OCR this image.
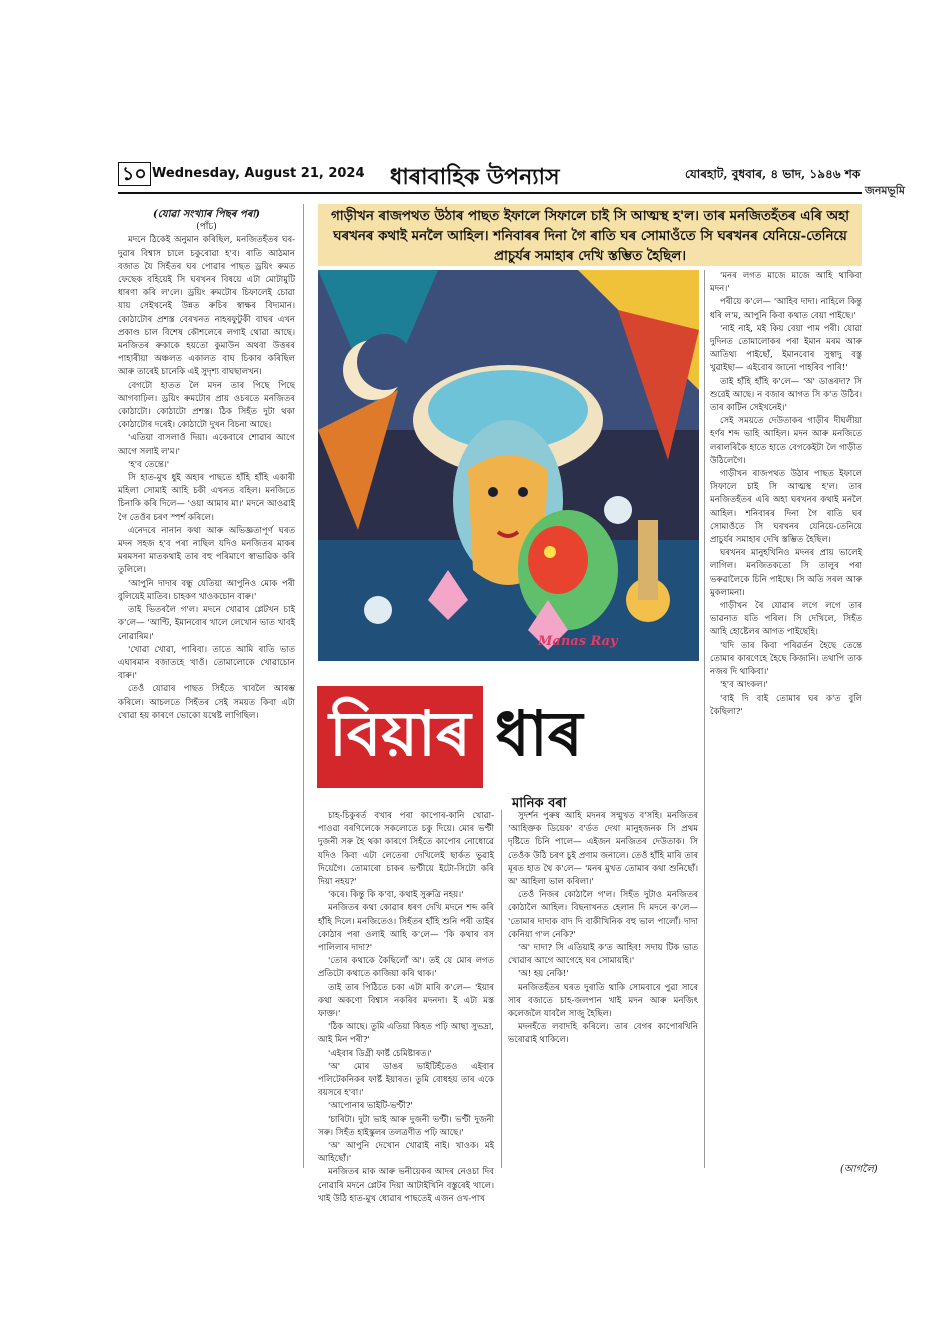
১০ Wednesday, August 21, 2024 ধাৰাবাহিক উপন্যাস	যোৰহাট, বুধবাৰ, ৪ ভাদ, ১৯৪৬ শক
জনমভূমি
(যোৱা সংখ্যাৰ পিছৰ পৰা)
(পাঁচ)

মদনে ঠিকেই অনুমান কৰিছিল, মনজিতহঁতৰ ঘৰ-দুৱাৰ বিশ্বাস চালে চকুৰোৱা হ'ব। ৰাতি আঠমান বজাত যৈ সিহঁতৰ ঘৰ পোৱাৰ পাছত ড্ৰয়িং ৰুমত ফেছেক বহিয়েই সি ঘৰখনৰ বিষয়ে এটা মোটামুটি ধাৰণা কৰি ল'লে। ড্ৰয়িং ৰুমটোৰ চিফালেই চোৱা যায় সেইখনেই উন্নত ৰুচিৰ স্বাক্ষৰ বিদ্যমান। কোঠাটোৰ প্ৰশস্ত বেৰখনত নাহৰফুটুকী বাঘৰ এখন প্ৰকাণ্ড চাল বিশেষ কৌশলেৰে লগাই থোৱা আছে। মনজিতৰ ৰুকাকে হয়তো কুমাউন অথবা উত্তৰৰ পাহাৰীয়া অঞ্চলত একালত বাঘ চিকাৰ কৰিছিল আৰু তাৰেই চানেকি এই সুদৃশ্য বাঘছালখন।

বেগটো হাতত লৈ মদন তাৰ পিছে পিছে আগবাঢ়িল। ড্ৰয়িং ৰুমটোৰ প্ৰায় ওচৰতে মনজিতৰ কোঠাটো। কোঠাটো প্ৰশস্ত। ঠিক সিহঁত দুটা থকা কোঠাটোৰ দৰেই। কোঠাটো দুখন বিচনা আছে।

'এতিয়া বাসলাওঁ দিয়া। একেবাৰে শোৱাৰ আগে আগে সলাই ল'ম।'

'হ'ব তেন্তে।'

সি হাত-মুখ ধুই অহাৰ পাছতে হাঁহি হাঁহি একাৰী মহিলা সোমাই আহি চকী এখনত বহিল। মনজিতে চিনাকি কৰি দিলে— 'ওয়া আমাৰ মা।' মদনে আওৱাই গৈ তেওঁৰ চৰণ স্পৰ্শ কৰিলে।

এনেদৰে নানান কথা আৰু অভিজ্ঞতাপূৰ্ণ ঘৰত মদন সহজ হ'ব পৰা নাছিল যদিও মনজিতৰ মাকৰ মৰমসনা মাতকথাই তাৰ বহু পৰিমাণে স্বাভাৱিক কৰি তুলিলে।

'আপুনি দাদাৰ বন্ধু যেতিয়া আপুনিও মোক পৰী বুলিয়েই মাতিব। চাহকণ খাওকচোন বাৰু।'

তাই ভিতৰলৈ গ'ল। মদনে খোৱাৰ প্লেটখন চাই ক'লে— 'আণ্টি, ইমানবোৰ খালে লেখোন ভাত খাবই নোৱাৰিম।'

'খোৱা খোৱা, পাৰিবা। তাতে আমি ৰাতি ভাত এঘাৰমান বজাতহে খাওঁ। তোমালোকে খোৱাচোন বাৰু।'

তেওঁ যোৱাৰ পাছত সিহঁতে খাবলৈ আৰম্ভ কৰিলে। আচলতে সিহঁতৰ সেই সময়ত কিবা এটা খোৱা হয় কাৰণে ভোকো যথেষ্ট লাগিছিল।

গাড়ীখন ৰাজপথত উঠাৰ পাছত ইফালে সিফালে চাই সি আত্মস্থ হ'ল। তাৰ মনজিতহঁতৰ এৰি অহা ঘৰখনৰ কথাই মনলৈ আহিল। শনিবাৰৰ দিনা গৈ ৰাতি ঘৰ সোমাওঁতে সি ঘৰখনৰ যেনিয়ে-তেনিয়ে প্ৰাচুৰ্যৰ সমাহাৰ দেখি স্তম্ভিত হৈছিল।
Manas Ray
বিয়াৰ ধাৰ
মানিক বৰা

চাহ-চিকুৰৰ্ত বখাৰ পৰা কাপোৰ-কানি খোৱা-পাওৱা বৰণিলেকে সকলোতে চকু দিয়ে। মোৰ ভণ্টী দুজনী সৰু হৈ থকা কাৰণে সিহঁতে কাপোৰ নোধোৱে যদিও কিবা এটা লেতেৰা দেখিলেই ছাৰ্কত ভুৱাই দিয়েগৈ। তোমাৰো চাকৰ ভণ্টীয়ে ইটো-সিটো কৰি দিয়া নহয়?'

'কৰে। কিন্তু কি ক'বা, কথাই সুৰুত্ৰি নহয়।'

মনজিতৰ কথা কোৱাৰ ধৰণ দেখি মদনে শব্দ কৰি হাঁহি দিলে। মনজিতেও। সিহঁতৰ হাঁহি শুনি পৰী তাইৰ কোঠাৰ পৰা ওলাই আহি ক'লে— 'কি কথাৰ বস পালিলাৰ দাদা?'

'তোৰ কথাকে কৈছিলোঁ অ'। তই যে মোৰ লগত প্ৰতিটো কথাতে কাজিয়া কৰি থাক।'

তাই তাৰ পিঠিতে চকা এটা মাৰি ক'লে— 'ইয়াৰ কথা অকণো বিশ্বাস নকৰিব মদনদা। ই এটা মস্ত ফাক্ত।'

'ঠিক আছে। তুমি এতিয়া কিহত পঢ়ি আছা সুভদ্ৰা, আই মিন পৰী?'

'এইবাৰ ডিগ্ৰী ফাৰ্ষ্ট চেমিষ্টাৰত।'

'অ' মোৰ ডাঙৰ ভাইটিহঁতেও এইবাৰ পলিটেকনিকৰ ফাৰ্ষ্ট ইয়াৰত। তুমি বোধহয় তাৰ একে বয়সৰে হ'বা।'

'আপোনাৰ ভাইটি-ভণ্টী?'

'চাৰিটা। দুটা ভাই আৰু দুজনী ভণ্টী। ভণ্টী দুজনী সৰু। সিহঁত হাইস্কুলৰ তলত্ৰণীত পঢ়ি আছে।'

'অ' আপুনি দেখোন খোৱাই নাই। খাওক। মই আহিছোঁ।'

মনজিতৰ মাক আৰু ভনীয়েকৰ আদৰ নেওচা দিব নোৱাৰি মদনে প্লেটৰ দিয়া আটাইখিনি বস্তুৰেই খালে। খাই উঠি হাত-মুখ ধোৱাৰ পাছতেই এজন ওখ-পাখ

সুদৰ্শন পুৰুষ আহি মদনৰ সন্মুখত ব'সহি। মনজিতৰ 'আহিক্তক ডিয়েক' ব'ৰ্ডত দেখা মানুহজনক সি প্ৰথম দৃষ্টিতে চিনি পালে— এইজন মনজিতৰ দেউতাক। সি তেওঁক উঠি চৰণ চুই প্ৰণাম জনালে। তেওঁ হাঁহি মাৰি তাৰ মূৰত হাত থৈ ক'লে— 'মনৰ মুখত তোমাৰ কথা শুনিছোঁ। অ' আহিলা ভাল কৰিলা।'

তেওঁ নিজৰ কোঠালৈ গ'ল। সিহঁত দুটাও মনজিতৰ কোঠালৈ আহিল। বিছনাখনত হেলান দি মদনে ক'লে— 'তোমাৰ দাদাক বাদ দি বাকীখিনিক বহু ভাল পালোঁ। দাদা কেনিয়া গ'ল নেকি?'

'অ' দাদা? সি এতিয়াই ক'ত আহিব! সদায় টিক ভাত খোৱাৰ আগে আগেহে ঘৰ সোমায়হি।'

'অ! হয় নেকি!'

মনজিতহঁতৰ ঘৰত দুৰাতি থাকি সোমবাৰে পুৱা সাৰে সাৰ বজাতে চাহ-জলপান খাই মদন আৰু মনজিৎ কলেজলৈ যাবলৈ সাজু হৈছিল।

মদনহঁতে লবাদহি কৰিলে। তাৰ বেগৰ কাপোৰখিনি ভৰোৱাই থাকিলে।

'মনৰ লগত মাজে মাজে আহি থাকিবা মদন।'

পৰীয়ে ক'লে— 'আহিব দাদা। নাহিলে কিন্তু ধৰি ল'ম, আপুনি কিবা কথাত বেয়া পাইছে।'

'নাই নাই, মই কিয় বেয়া পাম পৰী। যোৱা দুদিনত তোমালোকৰ পৰা ইমান মৰম আৰু আতিথ্য পাইছোঁ, ইমানবোৰ সুস্বাদু বস্তু খুৱাইছা— এইবোৰ জানো পাহৰিব পাৰি!'

তাই হাঁহি হাঁহি ক'লে— 'অ' ডাঙৰদা? সি শুরেই আছে। ন বজাৰ আগত সি ক'ত উঠিব। তাৰ কাটিন সেইখনেই।'

সেই সময়তে দেউতাকৰ গাড়ীৰ দীঘলীয়া হৰ্ণৰ শব্দ ভাহি আহিল। মদন আৰু মনজিতে লৰালৰিকৈ হাতে হাতে বেগকেইটা লৈ গাড়ীত উঠিলেগৈ।

গাড়ীখন ৰাজপথত উঠাৰ পাছত ইফালে সিফালে চাই সি আত্মস্থ হ'ল। তাৰ মনজিতহঁতৰ এৰি অহা ঘৰখনৰ কথাই মনলৈ আহিল। শনিবাৰৰ দিনা গৈ ৰাতি ঘৰ সোমাওঁতে সি ঘৰখনৰ যেনিয়ে-তেনিয়ে প্ৰাচুৰ্যৰ সমাহাৰ দেখি স্তম্ভিত হৈছিল।

ঘৰখনৰ মানুহখিনিও মদনৰ প্ৰায় ভালেই লাগিল। মনজিতকতো সি তালুৰ পৰা ভৰুৱালৈকে চিনি পাইছে। সি অতি সৰল আৰু মুকলামনা।

গাড়ীখন ৰৈ যোৱাৰ লগে লগে তাৰ ভাৱনাত যতি পৰিল। সি দেখিলে, সিহঁত আহি হোষ্টেলৰ আগত পাইছেহি।

'যদি তাৰ কিবা পৰিৱৰ্তন হৈছে তেন্তে তোমাৰ কাৰণেহে হৈছে কিজানি। তথাপি তাক নজৰ দি থাকিবা।'

'হ'ব আংকল।'

'বাই দি বাই তোমাৰ ঘৰ ক'ত বুলি কৈছিলা?'

(আগলৈ)
